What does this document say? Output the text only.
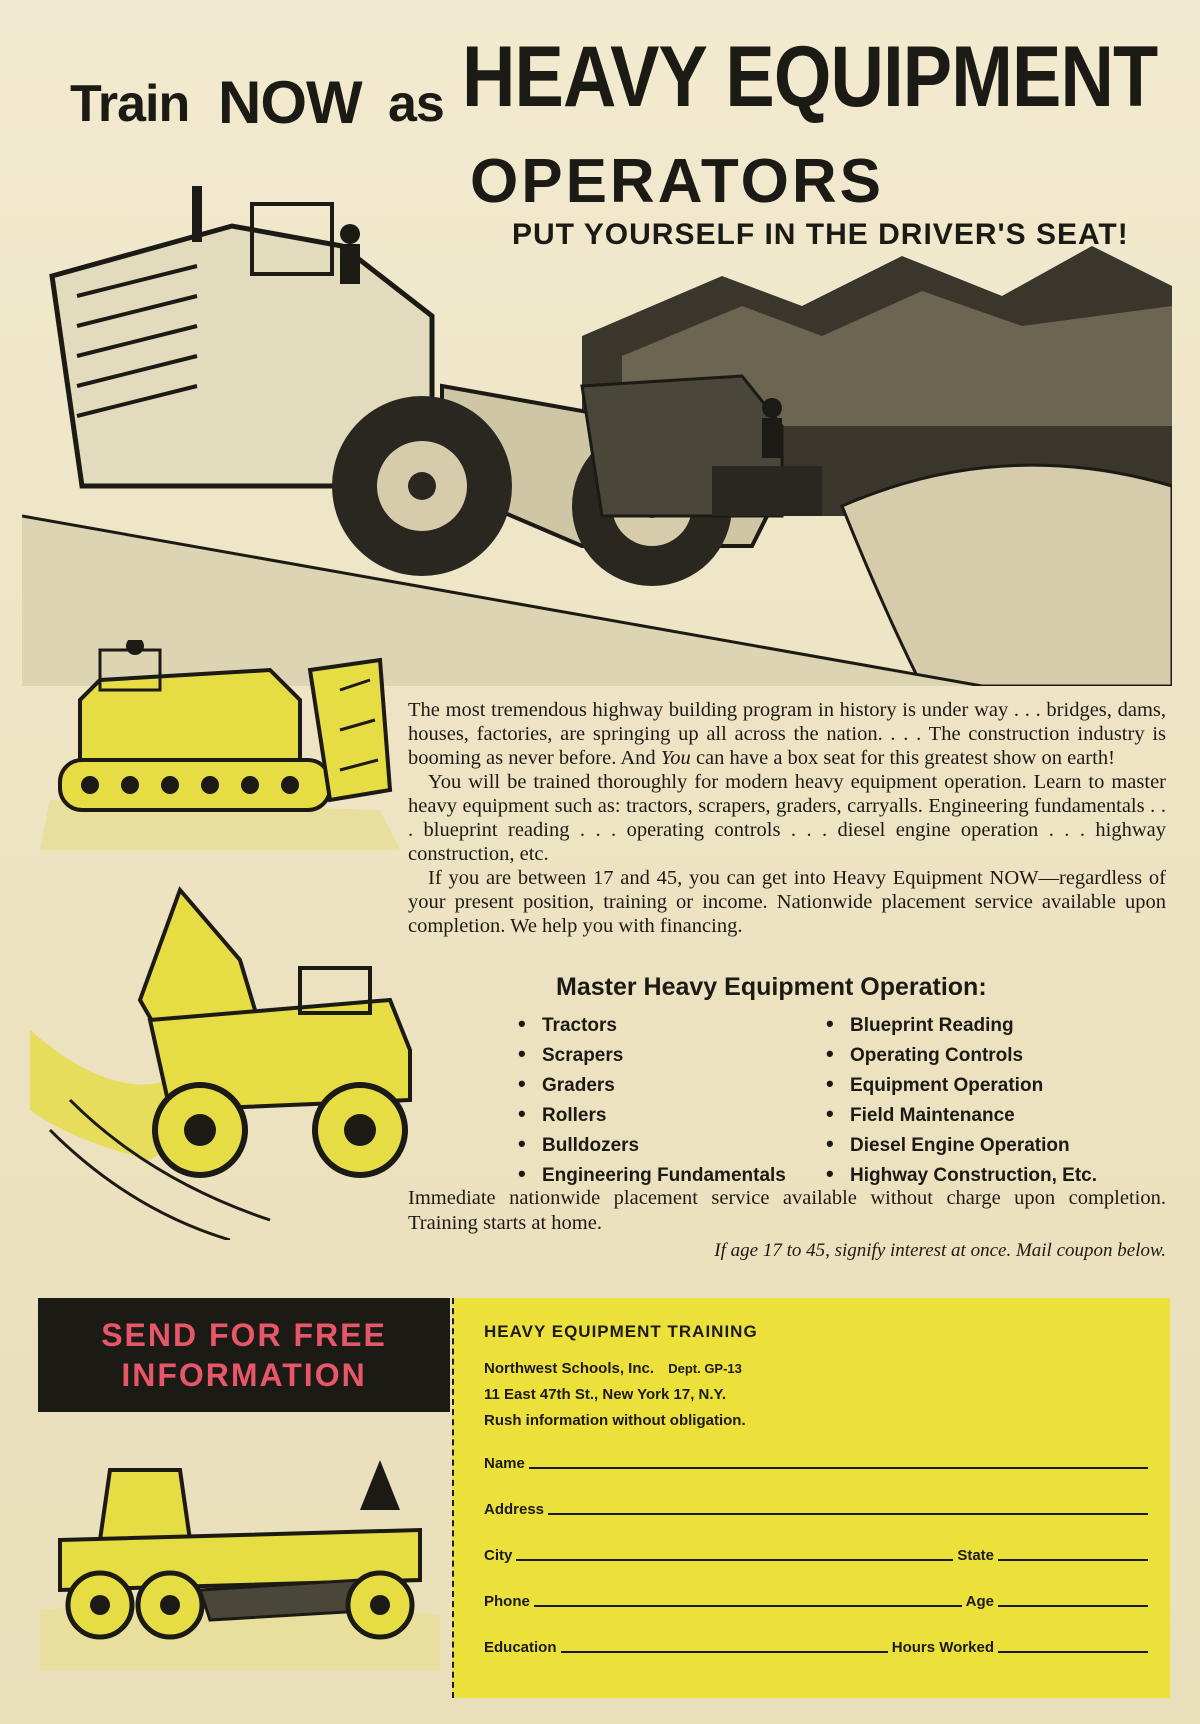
Train NOW as HEAVY EQUIPMENT
OPERATORS
PUT YOURSELF IN THE DRIVER'S SEAT!

The most tremendous highway building program in history is under way . . . bridges, dams, houses, factories, are springing up all across the nation. . . . The construction industry is booming as never before. And You can have a box seat for this greatest show on earth!

You will be trained thoroughly for modern heavy equipment operation. Learn to master heavy equipment such as: tractors, scrapers, graders, carryalls. Engineering fundamentals . . . blueprint reading . . . operating controls . . . diesel engine operation . . . highway construction, etc.

If you are between 17 and 45, you can get into Heavy Equipment NOW—regardless of your present position, training or income. Nationwide placement service available upon completion. We help you with financing.

Master Heavy Equipment Operation:
• Tractors
• Scrapers
• Graders
• Rollers
• Bulldozers
• Engineering Fundamentals
• Blueprint Reading
• Operating Controls
• Equipment Operation
• Field Maintenance
• Diesel Engine Operation
• Highway Construction, Etc.
Immediate nationwide placement service available without charge upon completion. Training starts at home.
If age 17 to 45, signify interest at once. Mail coupon below.
SEND FOR FREE
INFORMATION
HEAVY EQUIPMENT TRAINING
Northwest Schools, Inc. Dept. GP-13
11 East 47th St., New York 17, N.Y.
Rush information without obligation.
Name
Address
City	State
Phone	Age
Education	Hours Worked
